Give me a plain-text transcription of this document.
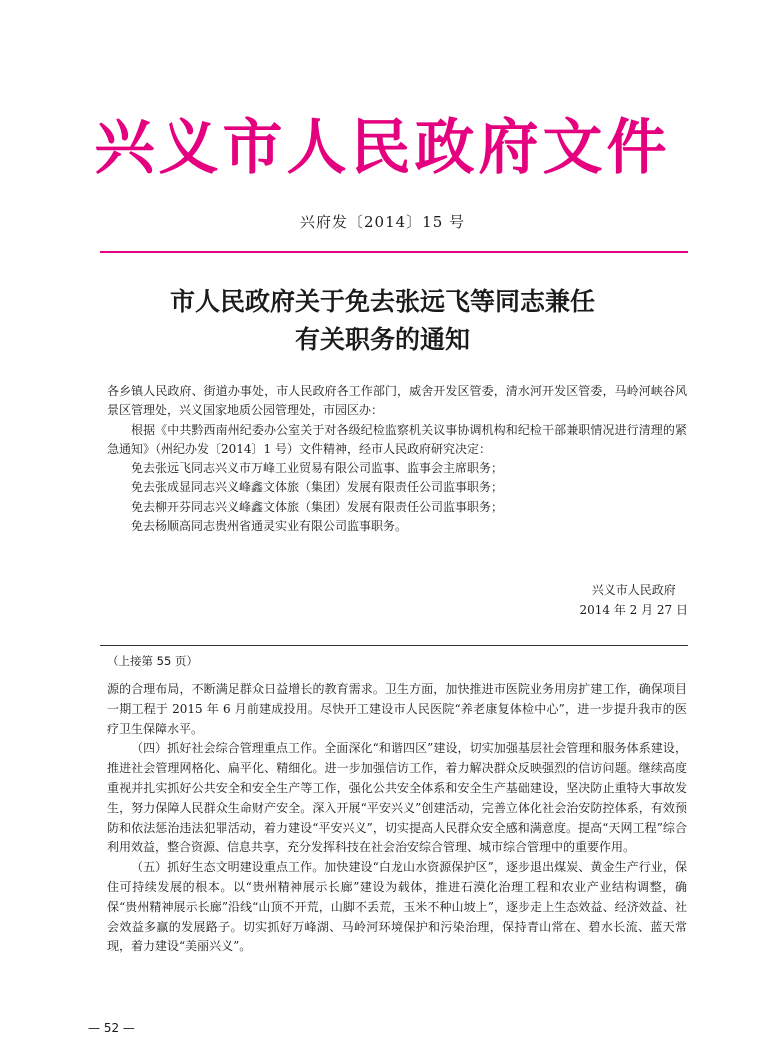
兴义市人民政府文件
兴府发〔2014〕15 号
市人民政府关于免去张远飞等同志兼任
有关职务的通知

各乡镇人民政府、街道办事处，市人民政府各工作部门，威舍开发区管委，清水河开发区管委，马岭河峡谷风景区管理处，兴义国家地质公园管理处，市园区办：

根据《中共黔西南州纪委办公室关于对各级纪检监察机关议事协调机构和纪检干部兼职情况进行清理的紧急通知》（州纪办发〔2014〕1 号）文件精神，经市人民政府研究决定：

免去张远飞同志兴义市万峰工业贸易有限公司监事、监事会主席职务；

免去张成显同志兴义峰鑫文体旅（集团）发展有限责任公司监事职务；

免去柳开芬同志兴义峰鑫文体旅（集团）发展有限责任公司监事职务；

免去杨顺高同志贵州省通灵实业有限公司监事职务。

兴义市人民政府
2014 年 2 月 27 日
（上接第 55 页）

源的合理布局，不断满足群众日益增长的教育需求。卫生方面，加快推进市医院业务用房扩建工作，确保项目一期工程于 2015 年 6 月前建成投用。尽快开工建设市人民医院“养老康复体检中心”，进一步提升我市的医疗卫生保障水平。

（四）抓好社会综合管理重点工作。全面深化“和谐四区”建设，切实加强基层社会管理和服务体系建设，推进社会管理网格化、扁平化、精细化。进一步加强信访工作，着力解决群众反映强烈的信访问题。继续高度重视并扎实抓好公共安全和安全生产等工作，强化公共安全体系和安全生产基础建设，坚决防止重特大事故发生，努力保障人民群众生命财产安全。深入开展“平安兴义”创建活动，完善立体化社会治安防控体系，有效预防和依法惩治违法犯罪活动，着力建设“平安兴义”，切实提高人民群众安全感和满意度。提高“天网工程”综合利用效益，整合资源、信息共享，充分发挥科技在社会治安综合管理、城市综合管理中的重要作用。

（五）抓好生态文明建设重点工作。加快建设“白龙山水资源保护区”，逐步退出煤炭、黄金生产行业，保住可持续发展的根本。以“贵州精神展示长廊”建设为载体，推进石漠化治理工程和农业产业结构调整，确保“贵州精神展示长廊”沿线“山顶不开荒，山脚不丢荒，玉米不种山坡上”，逐步走上生态效益、经济效益、社会效益多赢的发展路子。切实抓好万峰湖、马岭河环境保护和污染治理，保持青山常在、碧水长流、蓝天常现，着力建设“美丽兴义”。

— 52 —
